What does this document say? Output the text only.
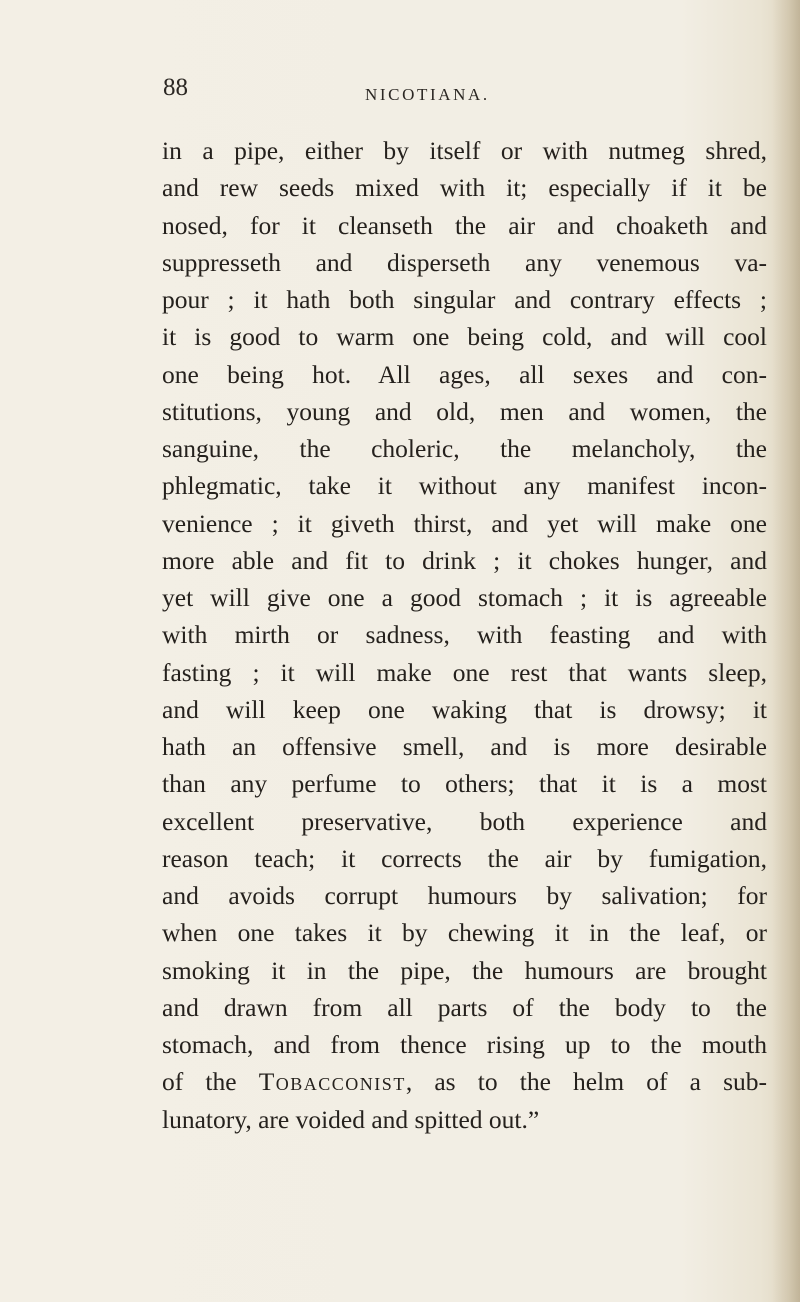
88	NICOTIANA.
in a pipe, either by itself or with nutmeg shred,
and rew seeds mixed with it; especially if it be
nosed, for it cleanseth the air and choaketh and
suppresseth and disperseth any venemous va-
pour ; it hath both singular and contrary effects ;
it is good to warm one being cold, and will cool
one being hot. All ages, all sexes and con-
stitutions, young and old, men and women, the
sanguine, the choleric, the melancholy, the
phlegmatic, take it without any manifest incon-
venience ; it giveth thirst, and yet will make one
more able and fit to drink ; it chokes hunger, and
yet will give one a good stomach ; it is agreeable
with mirth or sadness, with feasting and with
fasting ; it will make one rest that wants sleep,
and will keep one waking that is drowsy; it
hath an offensive smell, and is more desirable
than any perfume to others; that it is a most
excellent preservative, both experience and
reason teach; it corrects the air by fumigation,
and avoids corrupt humours by salivation; for
when one takes it by chewing it in the leaf, or
smoking it in the pipe, the humours are brought
and drawn from all parts of the body to the
stomach, and from thence rising up to the mouth
of the Tobacconist, as to the helm of a sub-
lunatory, are voided and spitted out.”
